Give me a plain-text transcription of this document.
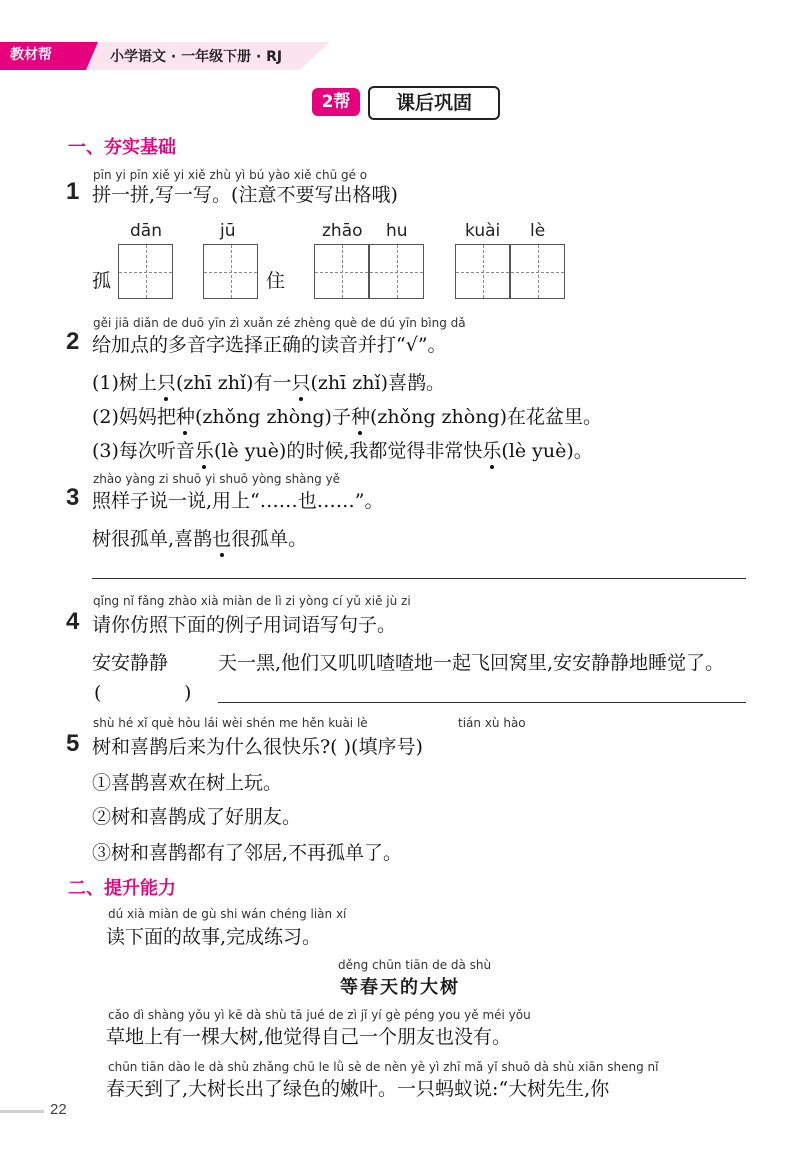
教材帮	小学语文 · 一年级下册 · RJ
2帮	课后巩固
一、夯实基础
pīn yi pīn xiě yi xiě zhù yì bú yào xiě chū gé o
1 拼一拼,写一写。(注意不要写出格哦)
dān	jū	zhāo hu	kuài lè
孤	住
gěi jiā diǎn de duō yīn zì xuǎn zé zhèng què de dú yīn bìng dǎ
2 给加点的多音字选择正确的读音并打“√”。
(1)树上只(zhī zhǐ)有一只(zhī zhǐ)喜鹊。
(2)妈妈把种(zhǒng zhòng)子种(zhǒng zhòng)在花盆里。
(3)每次听音乐(lè yuè)的时候,我都觉得非常快乐(lè yuè)。
zhào yàng zi shuō yi shuō yòng shàng yě
3 照样子说一说,用上“……也……”。
树很孤单,喜鹊也很孤单。
qǐng nǐ fǎng zhào xià miàn de lì zi yòng cí yǔ xiě jù zi
4 请你仿照下面的例子用词语写句子。
安安静静	天一黑,他们又叽叽喳喳地一起飞回窝里,安安静静地睡觉了。
(	)
shù hé xǐ què hòu lái wèi shén me hěn kuài lè	tián xù hào
5 树和喜鹊后来为什么很快乐?( )(填序号)
①喜鹊喜欢在树上玩。
②树和喜鹊成了好朋友。
③树和喜鹊都有了邻居,不再孤单了。
二、提升能力
dú xià miàn de gù shi wán chéng liàn xí
读下面的故事,完成练习。
děng chūn tiān de dà shù
等春天的大树
cǎo dì shàng yǒu yì kē dà shù tā jué de zì jǐ yí gè péng you yě méi yǒu
草地上有一棵大树,他觉得自己一个朋友也没有。
chūn tiān dào le dà shù zhǎng chū le lǜ sè de nèn yè yì zhī mǎ yǐ shuō dà shù xiān sheng nǐ
春天到了,大树长出了绿色的嫩叶。一只蚂蚁说:“大树先生,你
22
